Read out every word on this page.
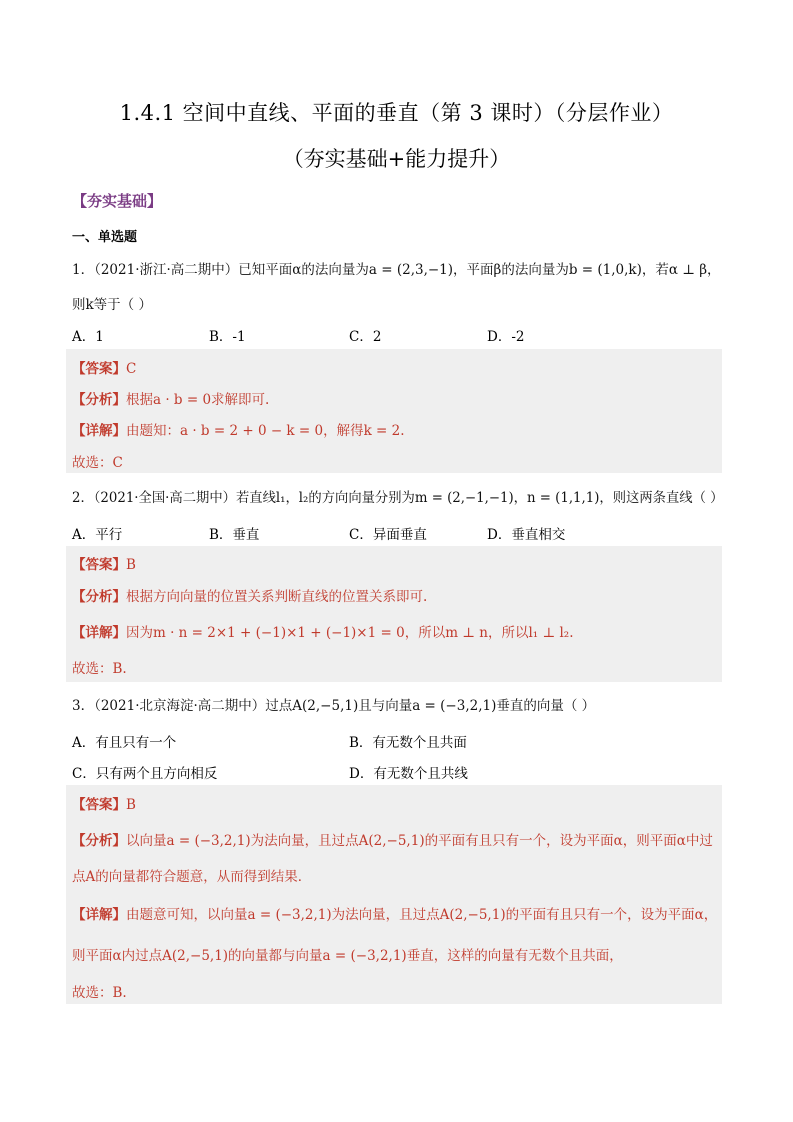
1.4.1 空间中直线、平面的垂直（第 3 课时）（分层作业）
（夯实基础+能力提升）
【夯实基础】
一、单选题
1．（2021·浙江·高二期中）已知平面α的法向量为a = (2,3,−1)，平面β的法向量为b = (1,0,k)，若α ⊥ β，
则k等于（ ）
A．1	B．-1	C．2	D．-2
【答案】C
【分析】根据a · b = 0求解即可.
【详解】由题知：a · b = 2 + 0 − k = 0，解得k = 2.
故选：C
2．（2021·全国·高二期中）若直线l₁，l₂的方向向量分别为m = (2,−1,−1)，n = (1,1,1)，则这两条直线（ ）
A．平行	B．垂直	C．异面垂直	D．垂直相交
【答案】B
【分析】根据方向向量的位置关系判断直线的位置关系即可.
【详解】因为m · n = 2×1 + (−1)×1 + (−1)×1 = 0，所以m ⊥ n，所以l₁ ⊥ l₂.
故选：B.
3．（2021·北京海淀·高二期中）过点A(2,−5,1)且与向量a = (−3,2,1)垂直的向量（ ）
A．有且只有一个	B．有无数个且共面
C．只有两个且方向相反	D．有无数个且共线
【答案】B
【分析】以向量a = (−3,2,1)为法向量，且过点A(2,−5,1)的平面有且只有一个，设为平面α，则平面α中过
点A的向量都符合题意，从而得到结果．
【详解】由题意可知，以向量a = (−3,2,1)为法向量，且过点A(2,−5,1)的平面有且只有一个，设为平面α，
则平面α内过点A(2,−5,1)的向量都与向量a = (−3,2,1)垂直，这样的向量有无数个且共面，
故选：B.
